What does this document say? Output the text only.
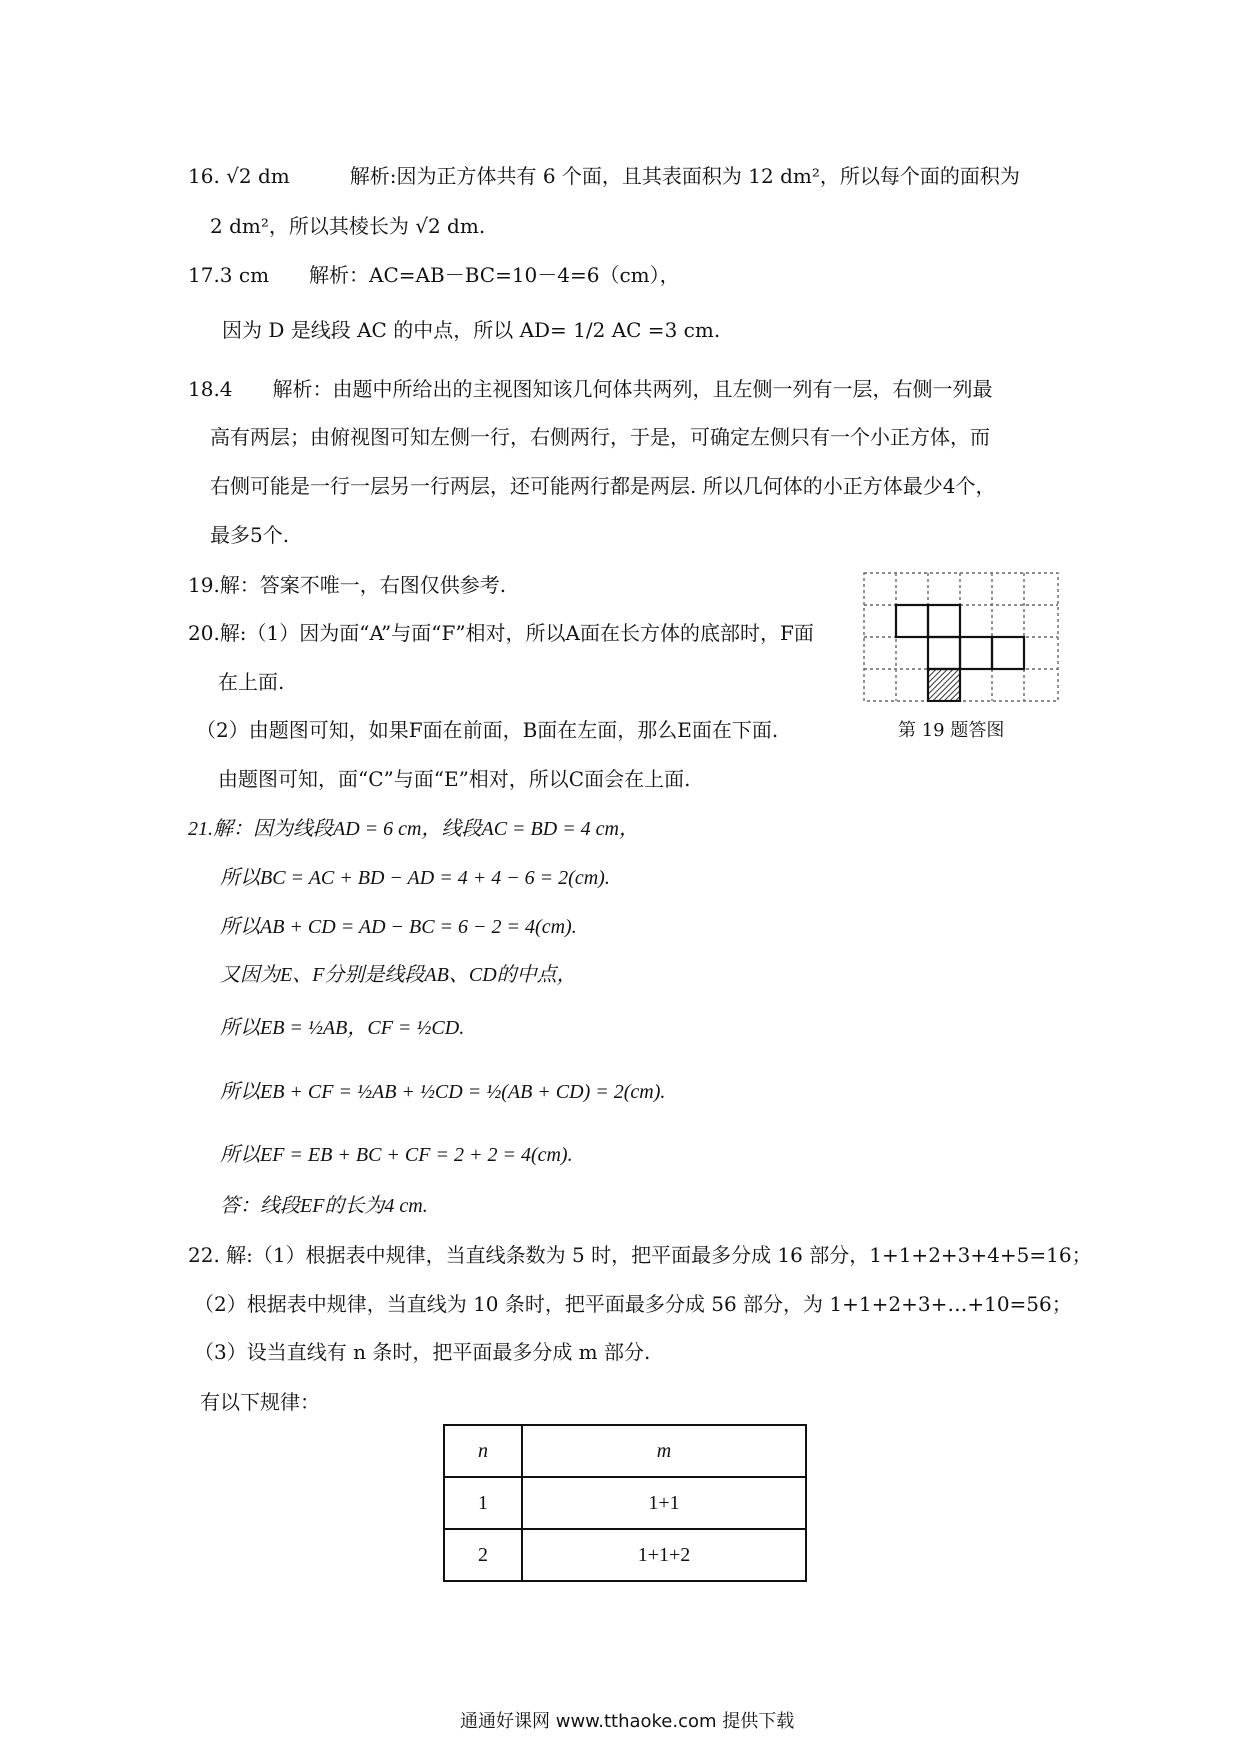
16. √2 dm　　　解析:因为正方体共有 6 个面，且其表面积为 12 dm²，所以每个面的面积为
2 dm²，所以其棱长为 √2 dm.
17.3 cm　　解析：AC=AB－BC=10－4=6（cm），
因为 D 是线段 AC 的中点，所以 AD= 1/2 AC =3 cm.
18.4　　解析：由题中所给出的主视图知该几何体共两列，且左侧一列有一层，右侧一列最
高有两层；由俯视图可知左侧一行，右侧两行，于是，可确定左侧只有一个小正方体，而
右侧可能是一行一层另一行两层，还可能两行都是两层. 所以几何体的小正方体最少4个，
最多5个.
19.解：答案不唯一，右图仅供参考.
20.解:（1）因为面“A”与面“F”相对，所以A面在长方体的底部时，F面
在上面.
（2）由题图可知，如果F面在前面，B面在左面，那么E面在下面.
由题图可知，面“C”与面“E”相对，所以C面会在上面.
21.解：因为线段AD = 6 cm，线段AC = BD = 4 cm，
所以BC = AC + BD − AD = 4 + 4 − 6 = 2(cm).
所以AB + CD = AD − BC = 6 − 2 = 4(cm).
又因为E、F分别是线段AB、CD的中点，
所以EB = ½AB，CF = ½CD.
所以EB + CF = ½AB + ½CD = ½(AB + CD) = 2(cm).
所以EF = EB + BC + CF = 2 + 2 = 4(cm).
答：线段EF的长为4 cm.
22. 解:（1）根据表中规律，当直线条数为 5 时，把平面最多分成 16 部分，1+1+2+3+4+5=16；
（2）根据表中规律，当直线为 10 条时，把平面最多分成 56 部分，为 1+1+2+3+…+10=56；
（3）设当直线有 n 条时，把平面最多分成 m 部分.
有以下规律：
第 19 题答图
n	m
1	1+1
2	1+1+2
通通好课网 www.tthaoke.com 提供下载
